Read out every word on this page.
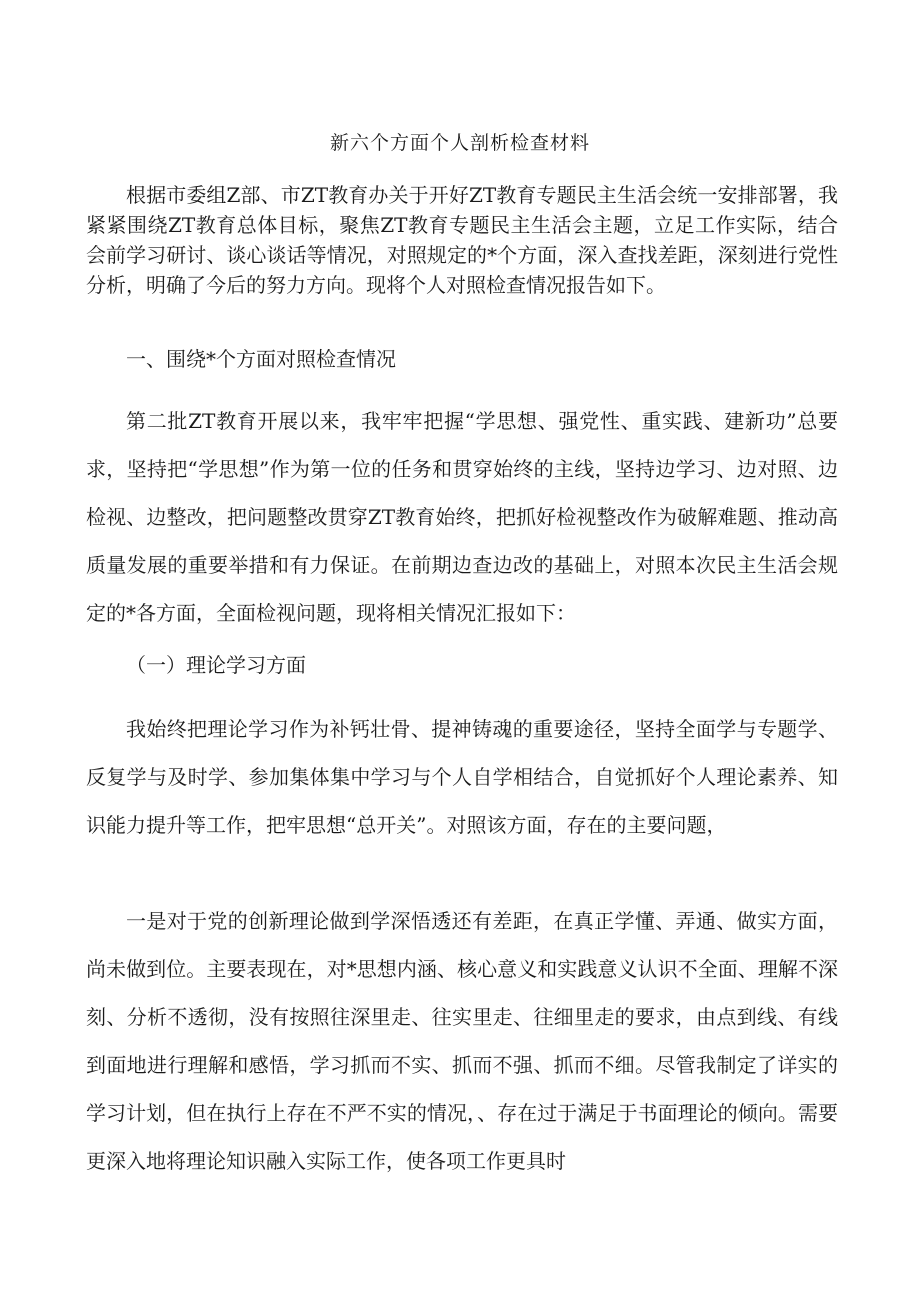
新六个方面个人剖析检查材料
根据市委组Z部、市ZT教育办关于开好ZT教育专题民主生活会统一安排部署，我紧紧围绕ZT教育总体目标，聚焦ZT教育专题民主生活会主题，立足工作实际，结合会前学习研讨、谈心谈话等情况，对照规定的*个方面，深入查找差距，深刻进行党性分析，明确了今后的努力方向。现将个人对照检查情况报告如下。
一、围绕*个方面对照检查情况
第二批ZT教育开展以来，我牢牢把握“学思想、强党性、重实践、建新功”总要求，坚持把“学思想”作为第一位的任务和贯穿始终的主线，坚持边学习、边对照、边检视、边整改，把问题整改贯穿ZT教育始终，把抓好检视整改作为破解难题、推动高质量发展的重要举措和有力保证。在前期边查边改的基础上，对照本次民主生活会规定的*各方面，全面检视问题，现将相关情况汇报如下：
（一）理论学习方面
我始终把理论学习作为补钙壮骨、提神铸魂的重要途径，坚持全面学与专题学、反复学与及时学、参加集体集中学习与个人自学相结合，自觉抓好个人理论素养、知识能力提升等工作，把牢思想“总开关”。对照该方面，存在的主要问题，
一是对于党的创新理论做到学深悟透还有差距，在真正学懂、弄通、做实方面，尚未做到位。主要表现在，对*思想内涵、核心意义和实践意义认识不全面、理解不深刻、分析不透彻，没有按照往深里走、往实里走、往细里走的要求，由点到线、有线到面地进行理解和感悟，学习抓而不实、抓而不强、抓而不细。尽管我制定了详实的学习计划，但在执行上存在不严不实的情况，、存在过于满足于书面理论的倾向。需要更深入地将理论知识融入实际工作，使各项工作更具时
